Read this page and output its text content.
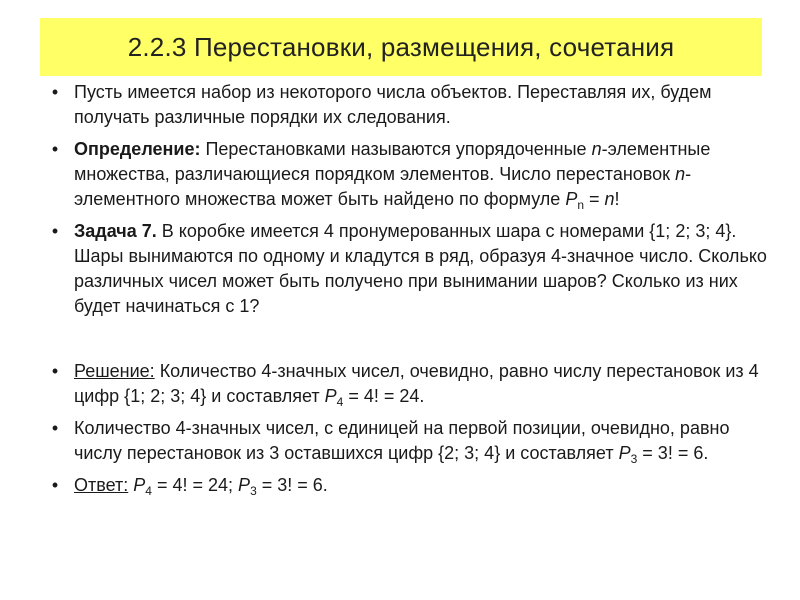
2.2.3 Перестановки, размещения, сочетания
• Пусть имеется набор из некоторого числа объектов. Переставляя их, будем получать различные порядки их следования.
• Определение: Перестановками называются упорядоченные n-элементные множества, различающиеся порядком элементов. Число перестановок n-элементного множества может быть найдено по формуле $P_n = n$!
• Задача 7. В коробке имеется 4 пронумерованных шара с номерами {1; 2; 3; 4}. Шары вынимаются по одному и кладутся в ряд, образуя 4-значное число. Сколько различных чисел может быть получено при вынимании шаров? Сколько из них будет начинаться с 1?
• Решение: Количество 4-значных чисел, очевидно, равно числу перестановок из 4 цифр {1; 2; 3; 4} и составляет $P_4 = 4$! = 24.
• Количество 4-значных чисел, с единицей на первой позиции, очевидно, равно числу перестановок из 3 оставшихся цифр {2; 3; 4} и составляет $P_3 = 3$! = 6.
• Ответ: $P_4 = 4$! = 24; $P_3 = 3$! = 6.
